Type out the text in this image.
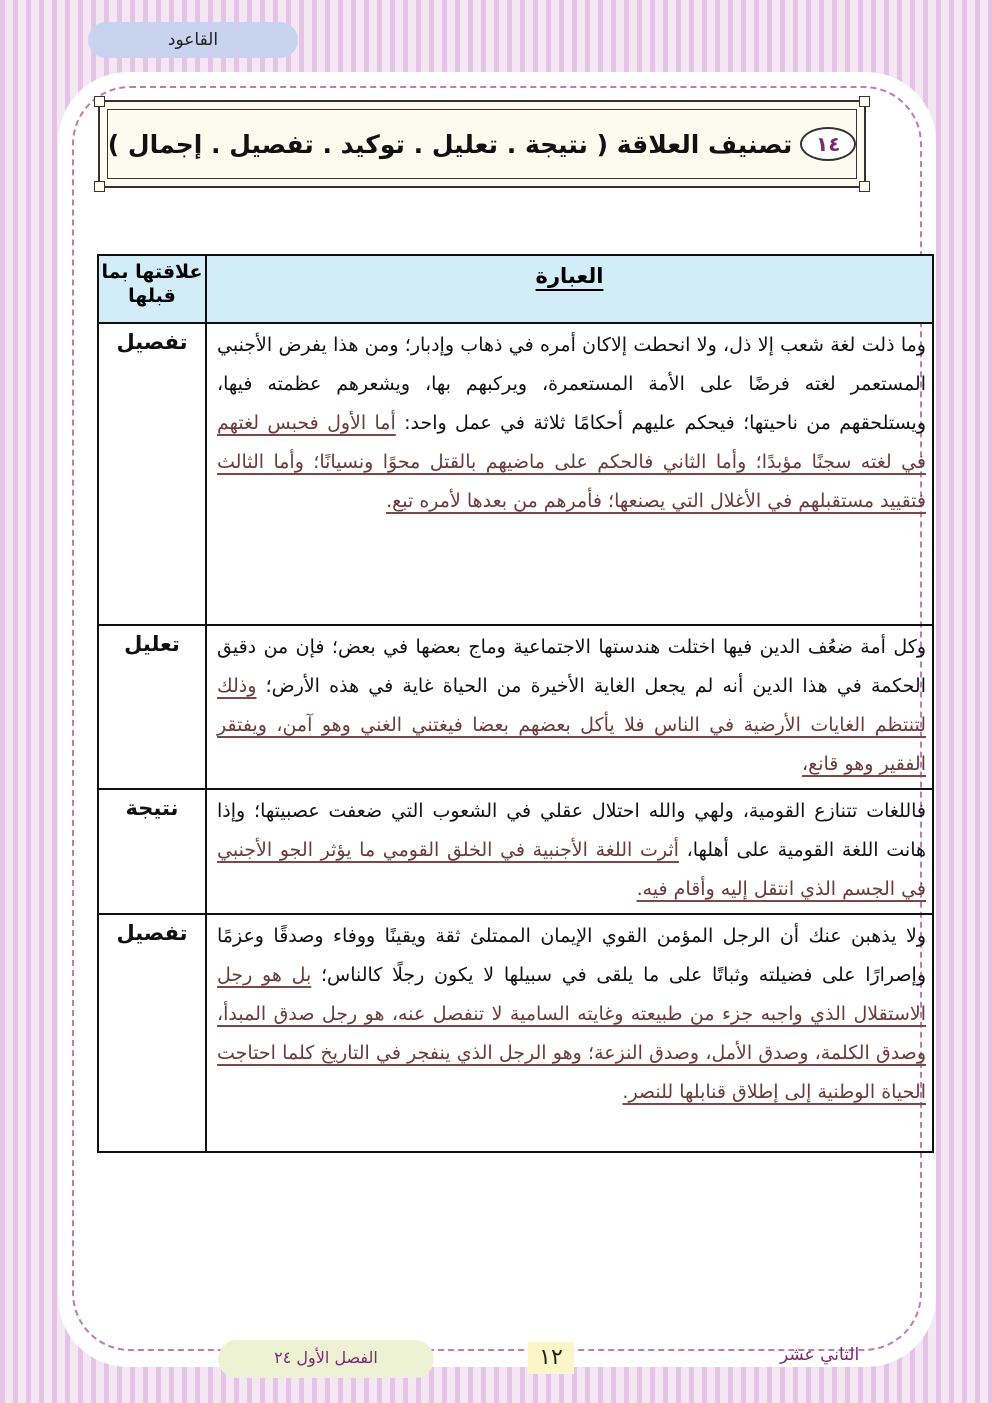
القاعود
١٤
تصنيف العلاقة ( نتيجة . تعليل . توكيد . تفصيل . إجمال )
العبارة	علاقتها بما قبلها
وما ذلت لغة شعب إلا ذل، ولا انحطت إلاكان أمره في ذهاب وإدبار؛ ومن هذا يفرض الأجنبي المستعمر لغته فرضًا على الأمة المستعمرة، ويركبهم بها، ويشعرهم عظمته فيها، ويستلحقهم من ناحيتها؛ فيحكم عليهم أحكامًا ثلاثة في عمل واحد: أما الأول فحبس لغتهم في لغته سجنًا مؤبدًا؛ وأما الثاني فالحكم على ماضيهم بالقتل محوًا ونسيانًا؛ وأما الثالث فتقييد مستقبلهم في الأغلال التي يصنعها؛ فأمرهم من بعدها لأمره تبع.	تفصيل
وكل أمة ضعُف الدين فيها اختلت هندستها الاجتماعية وماج بعضها في بعض؛ فإن من دقيق الحكمة في هذا الدين أنه لم يجعل الغاية الأخيرة من الحياة غاية في هذه الأرض؛ وذلك لتنتظم الغايات الأرضية في الناس فلا يأكل بعضهم بعضا فيغتني الغني وهو آمن، ويفتقر الفقير وهو قانع،	تعليل
فاللغات تتنازع القومية، ولهي والله احتلال عقلي في الشعوب التي ضعفت عصبيتها؛ وإذا هانت اللغة القومية على أهلها، أثرت اللغة الأجنبية في الخلق القومي ما يؤثر الجو الأجنبي في الجسم الذي انتقل إليه وأقام فيه.	نتيجة
ولا يذهبن عنك أن الرجل المؤمن القوي الإيمان الممتلئ ثقة ويقينًا ووفاء وصدقًا وعزمًا وإصرارًا على فضيلته وثباتًا على ما يلقى في سبيلها لا يكون رجلًا كالناس؛ بل هو رجل الاستقلال الذي واجبه جزء من طبيعته وغايته السامية لا تنفصل عنه، هو رجل صدق المبدأ، وصدق الكلمة، وصدق الأمل، وصدق النزعة؛ وهو الرجل الذي ينفجر في التاريخ كلما احتاجت الحياة الوطنية إلى إطلاق قنابلها للنصر.	تفصيل
الثاني عشر
١٢
الفصل الأول ٢٤
